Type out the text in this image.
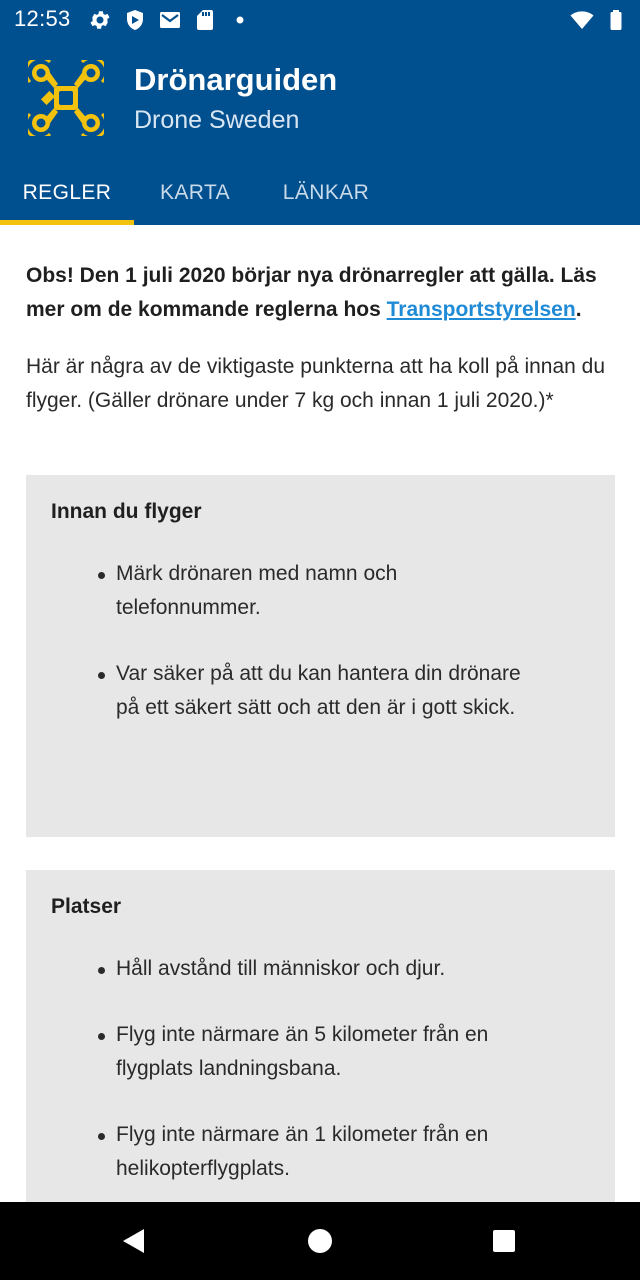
12:53
Drönarguiden
Drone Sweden
REGLER	KARTA	LÄNKAR

Obs! Den 1 juli 2020 börjar nya drönarregler att gälla. Läs mer om de kommande reglerna hos Transportstyrelsen.

Här är några av de viktigaste punkterna att ha koll på innan du flyger. (Gäller drönare under 7 kg och innan 1 juli 2020.)*

Innan du flyger
Märk drönaren med namn och telefonnummer.
Var säker på att du kan hantera din drönare på ett säkert sätt och att den är i gott skick.
Platser
Håll avstånd till människor och djur.
Flyg inte närmare än 5 kilometer från en flygplats landningsbana.
Flyg inte närmare än 1 kilometer från en helikopterflygplats.
